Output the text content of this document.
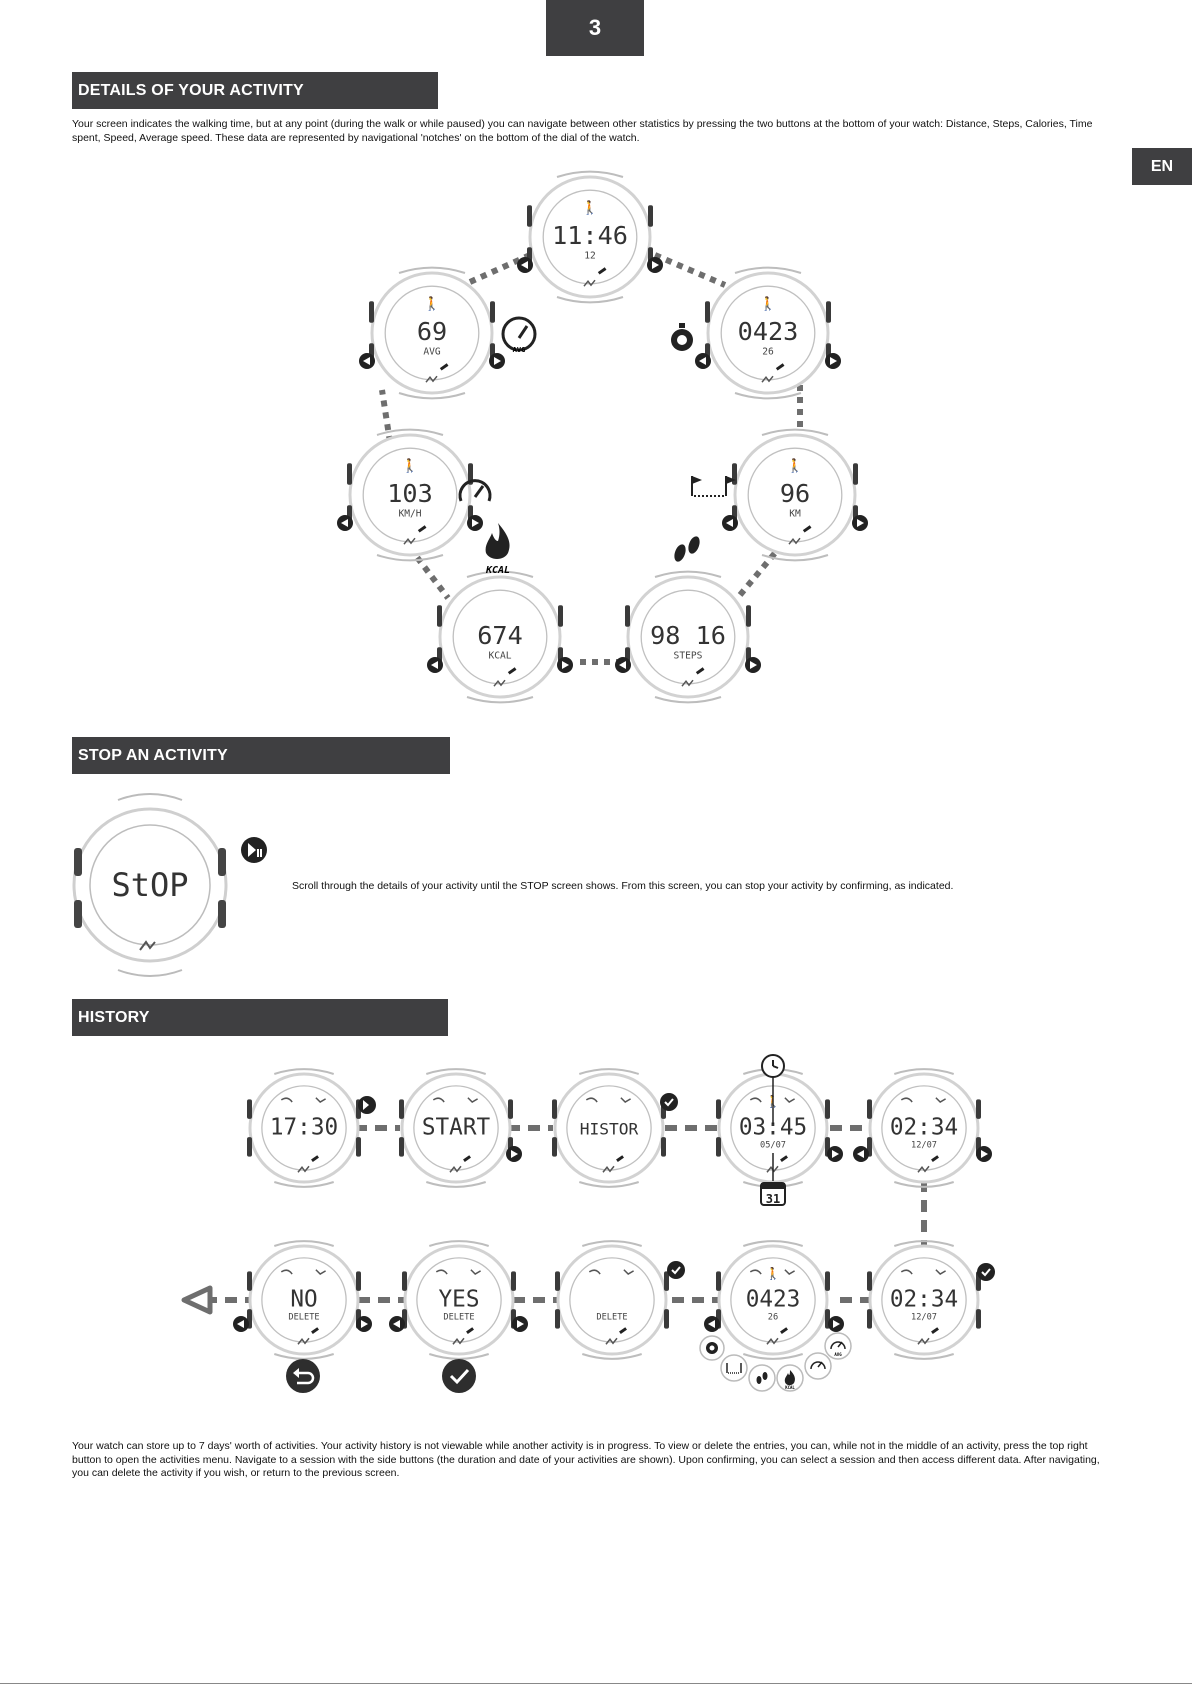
3
EN
DETAILS OF YOUR ACTIVITY
Your screen indicates the walking time, but at any point (during the walk or while paused) you can navigate between other statistics by pressing the two buttons at the bottom of your watch: Distance, Steps, Calories, Time spent, Speed, Average speed. These data are represented by navigational 'notches' on the bottom of the dial of the watch.
🚶
11:46
12
🚶
0423
26
🚶
96
KM
98 16
STEPS
674
KCAL
🚶
103
KM/H
🚶
69
AVG	AVG
KCAL
STOP AN ACTIVITY
StOP	Scroll through the details of your activity until the STOP screen shows. From this screen, you can stop your activity by confirming, as indicated.
HISTORY
17:30	START	HISTOR
🚶
03:45
05/07
02:34
12/07
NO
DELETE
YES
DELETE	DELETE
🚶
0423
26
02:34
12/07
31
KCAL
AVG
Your watch can store up to 7 days' worth of activities. Your activity history is not viewable while another activity is in progress. To view or delete the entries, you can, while not in the middle of an activity, press the top right button to open the activities menu. Navigate to a session with the side buttons (the duration and date of your activities are shown). Upon confirming, you can select a session and then access different data. After navigating, you can delete the activity if you wish, or return to the previous screen.
